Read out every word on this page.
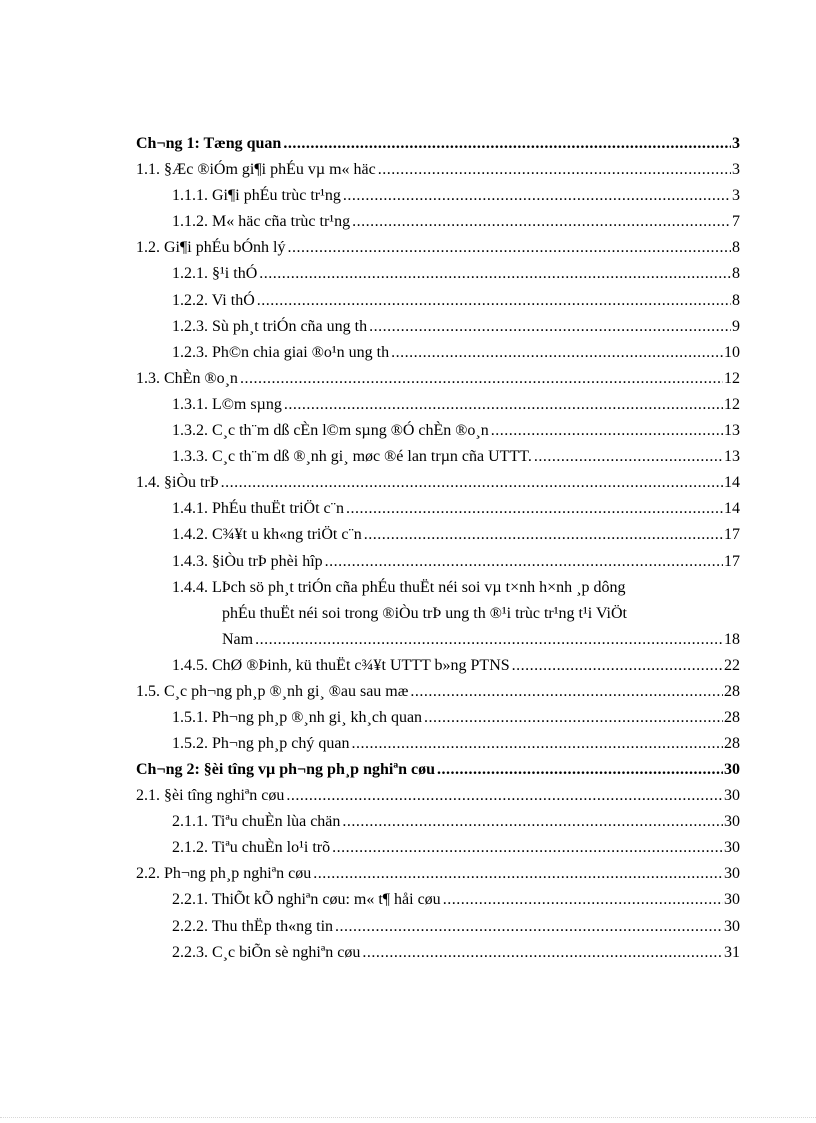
Ch¬ng 1: Tæng quan .....	3
1.1. §Æc ®iÓm gi¶i phÉu vµ m« häc .....	3
1.1.1. Gi¶i phÉu trùc tr¹ng .....	3
1.1.2. M« häc cña trùc tr¹ng .....	7
1.2. Gi¶i phÉu bÓnh lý .....	8
1.2.1. §¹i thÓ .....	8
1.2.2. Vi thÓ .....	8
1.2.3. Sù ph¸t triÓn cña ung th .....	9
1.2.3. Ph©n chia giai ®o¹n ung th .....	10
1.3. ChÈn ®o¸n .....	12
1.3.1. L©m sµng .....	12
1.3.2. C¸c th¨m dß cÈn l©m sµng ®Ó chÈn ®o¸n .....	13
1.3.3. C¸c th¨m dß ®¸nh gi¸ møc ®é lan trµn cña UTTT. .....	13
1.4. §iÒu trÞ .....	14
1.4.1. PhÉu thuËt triÖt c¨n .....	14
1.4.2. C¾¥t u kh«ng triÖt c¨n .....	17
1.4.3. §iÒu trÞ phèi hîp .....	17
1.4.4. LÞch sö ph¸t triÓn cña phÉu thuËt néi soi vµ t×nh h×nh ¸p dông
phÉu thuËt néi soi trong ®iÒu trÞ ung th ®¹i trùc tr¹ng t¹i ViÖt
Nam .....	18
1.4.5. ChØ ®Þinh, kü thuËt c¾¥t UTTT b»ng PTNS .....	22
1.5. C¸c ph¬ng ph¸p ®¸nh gi¸ ®au sau mæ .....	28
1.5.1. Ph¬ng ph¸p ®¸nh gi¸ kh¸ch quan .....	28
1.5.2. Ph¬ng ph¸p chý quan .....	28
Ch¬ng 2: §èi tîng vµ ph¬ng ph¸p nghiªn cøu .....	30
2.1. §èi tîng nghiªn cøu .....	30
2.1.1. Tiªu chuÈn lùa chän .....	30
2.1.2. Tiªu chuÈn lo¹i trõ .....	30
2.2. Ph¬ng ph¸p nghiªn cøu .....	30
2.2.1. ThiÕt kÕ nghiªn cøu: m« t¶ håi cøu .....	30
2.2.2. Thu thËp th«ng tin .....	30
2.2.3. C¸c biÕn sè nghiªn cøu .....	31
